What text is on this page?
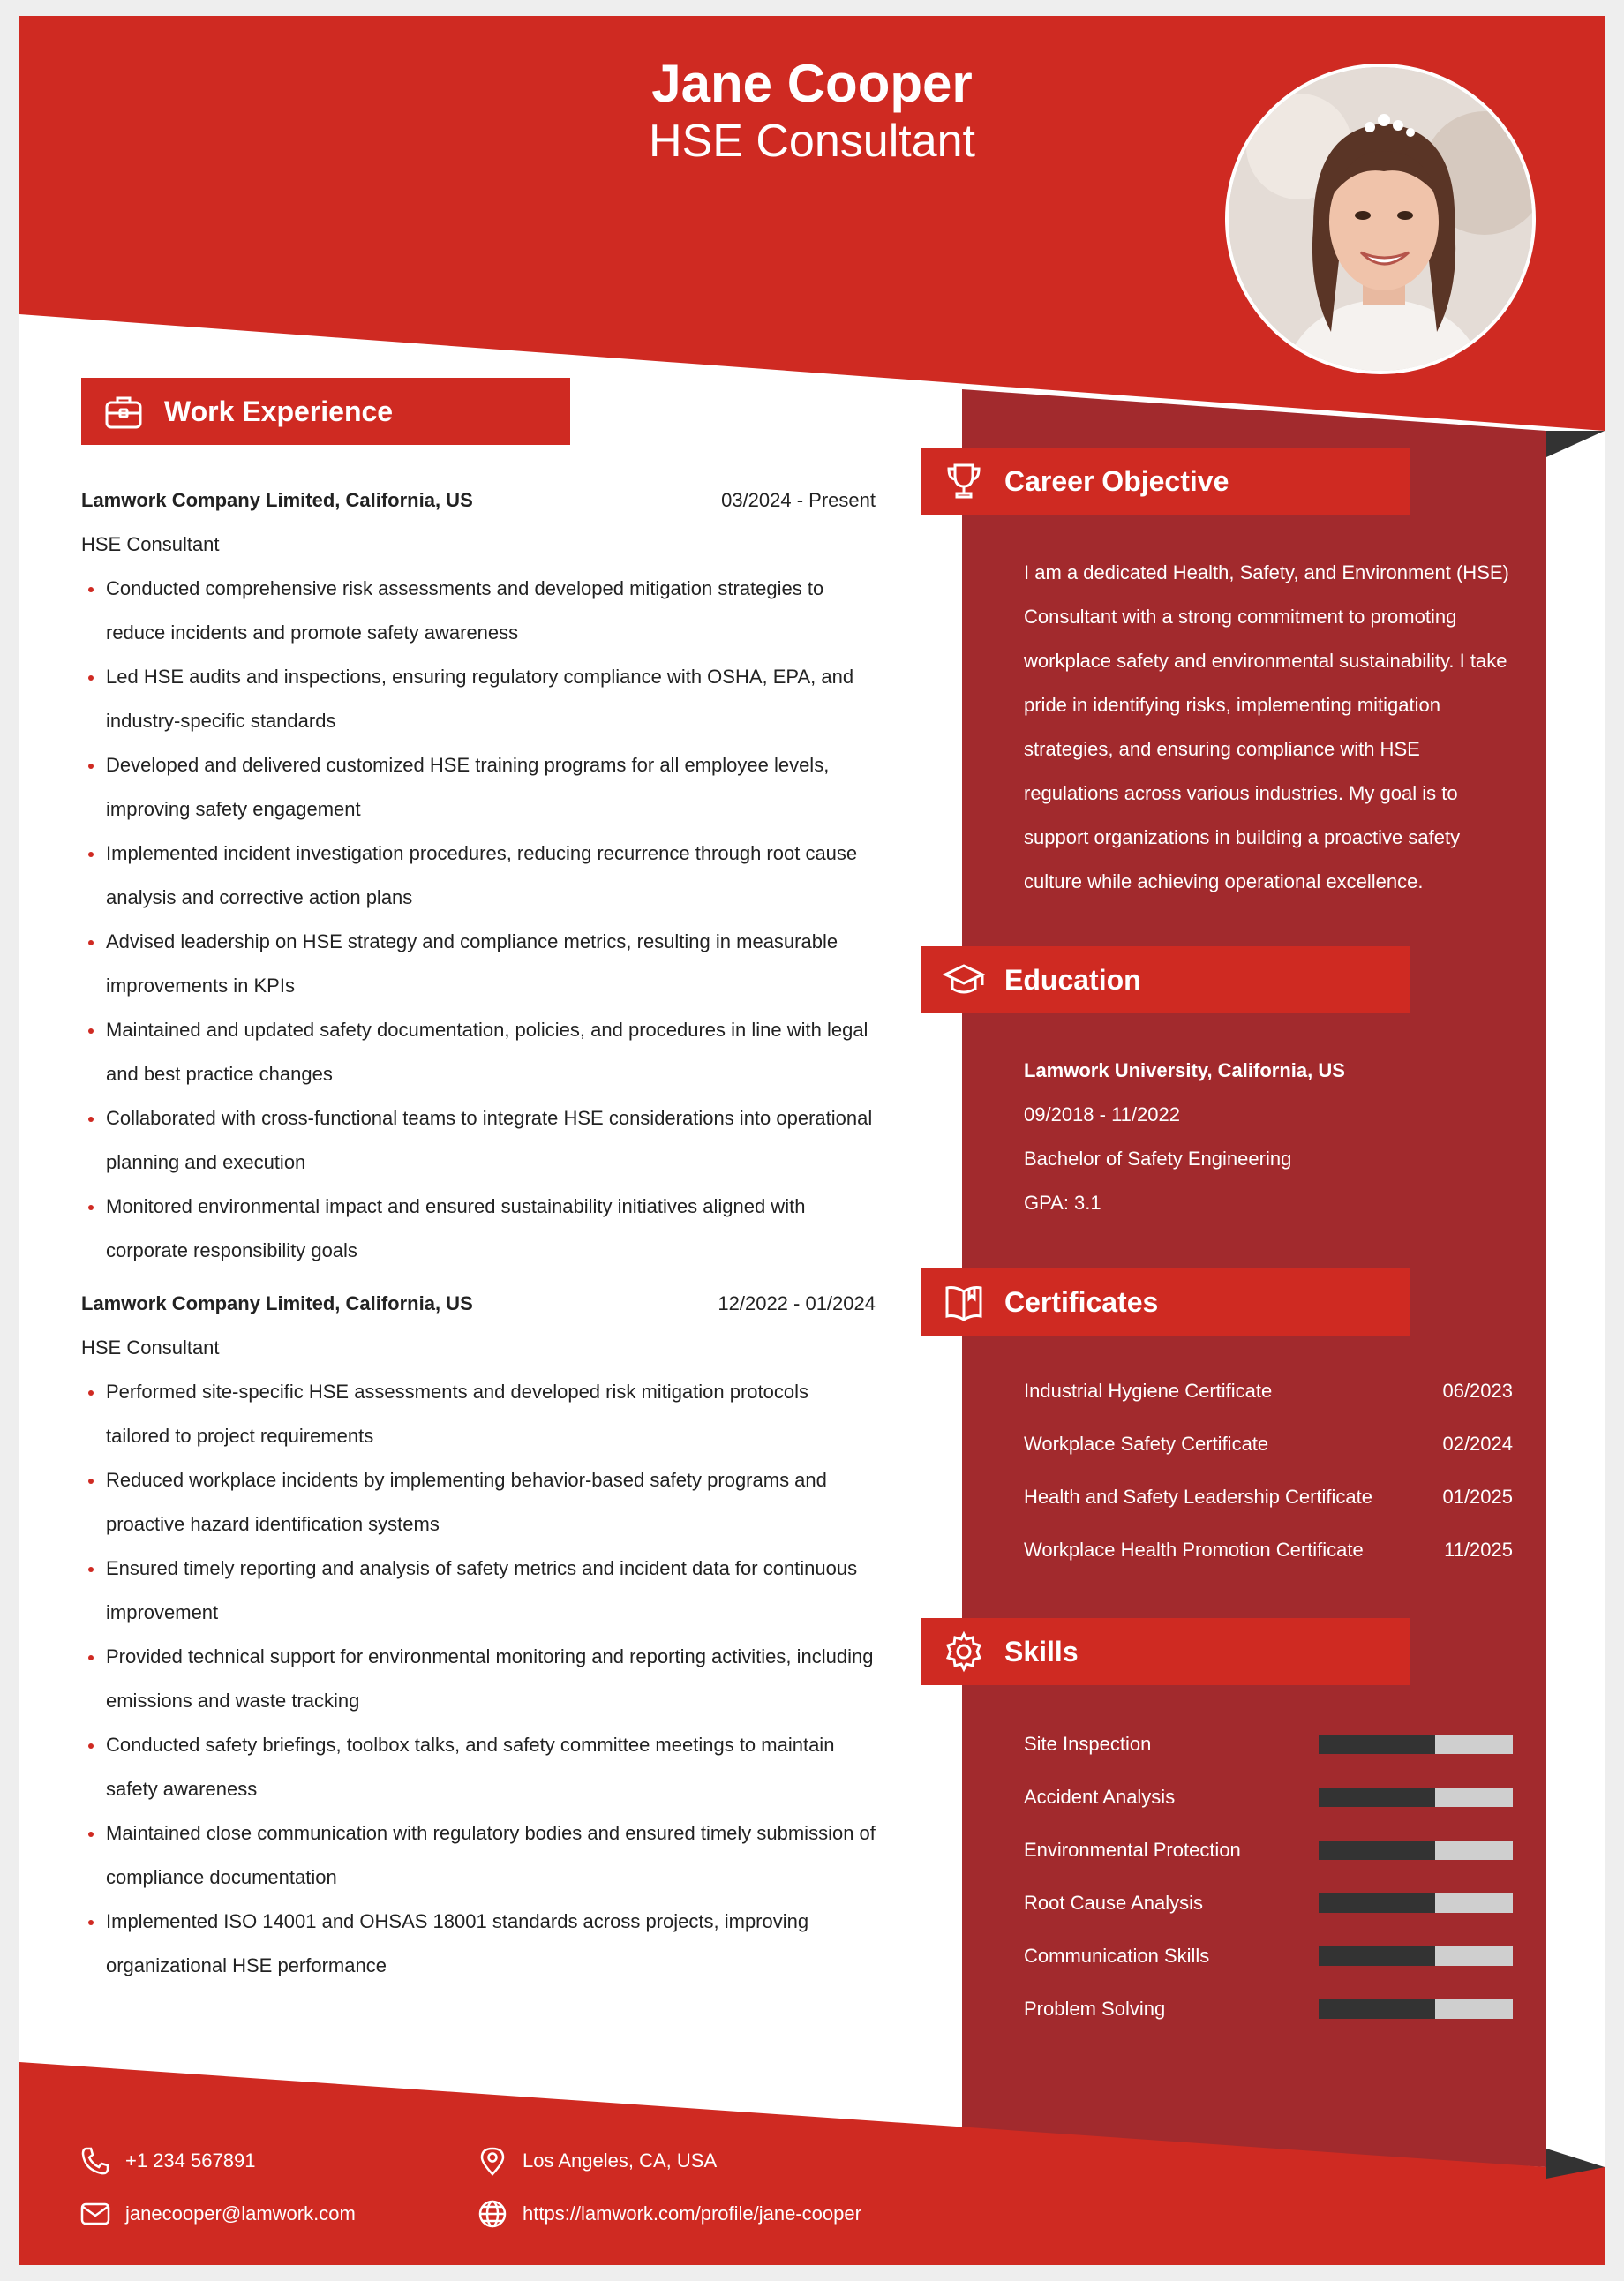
Jane Cooper
HSE Consultant
Work Experience
Lamwork Company Limited, California, US	03/2024 - Present
HSE Consultant
Conducted comprehensive risk assessments and developed mitigation strategies to reduce incidents and promote safety awareness
Led HSE audits and inspections, ensuring regulatory compliance with OSHA, EPA, and industry-specific standards
Developed and delivered customized HSE training programs for all employee levels, improving safety engagement
Implemented incident investigation procedures, reducing recurrence through root cause analysis and corrective action plans
Advised leadership on HSE strategy and compliance metrics, resulting in measurable improvements in KPIs
Maintained and updated safety documentation, policies, and procedures in line with legal and best practice changes
Collaborated with cross-functional teams to integrate HSE considerations into operational planning and execution
Monitored environmental impact and ensured sustainability initiatives aligned with corporate responsibility goals
Lamwork Company Limited, California, US	12/2022 - 01/2024
HSE Consultant
Performed site-specific HSE assessments and developed risk mitigation protocols tailored to project requirements
Reduced workplace incidents by implementing behavior-based safety programs and proactive hazard identification systems
Ensured timely reporting and analysis of safety metrics and incident data for continuous improvement
Provided technical support for environmental monitoring and reporting activities, including emissions and waste tracking
Conducted safety briefings, toolbox talks, and safety committee meetings to maintain safety awareness
Maintained close communication with regulatory bodies and ensured timely submission of compliance documentation
Implemented ISO 14001 and OHSAS 18001 standards across projects, improving organizational HSE performance
Career Objective
I am a dedicated Health, Safety, and Environment (HSE) Consultant with a strong commitment to promoting workplace safety and environmental sustainability. I take pride in identifying risks, implementing mitigation strategies, and ensuring compliance with HSE regulations across various industries. My goal is to support organizations in building a proactive safety culture while achieving operational excellence.
Education
Lamwork University, California, US
09/2018 - 11/2022
Bachelor of Safety Engineering
GPA: 3.1
Certificates
Industrial Hygiene Certificate	06/2023
Workplace Safety Certificate	02/2024
Health and Safety Leadership Certificate	01/2025
Workplace Health Promotion Certificate	11/2025
Skills
Site Inspection
Accident Analysis
Environmental Protection
Root Cause Analysis
Communication Skills
Problem Solving
+1 234 567891	Los Angeles, CA, USA
janecooper@lamwork.com	https://lamwork.com/profile/jane-cooper
